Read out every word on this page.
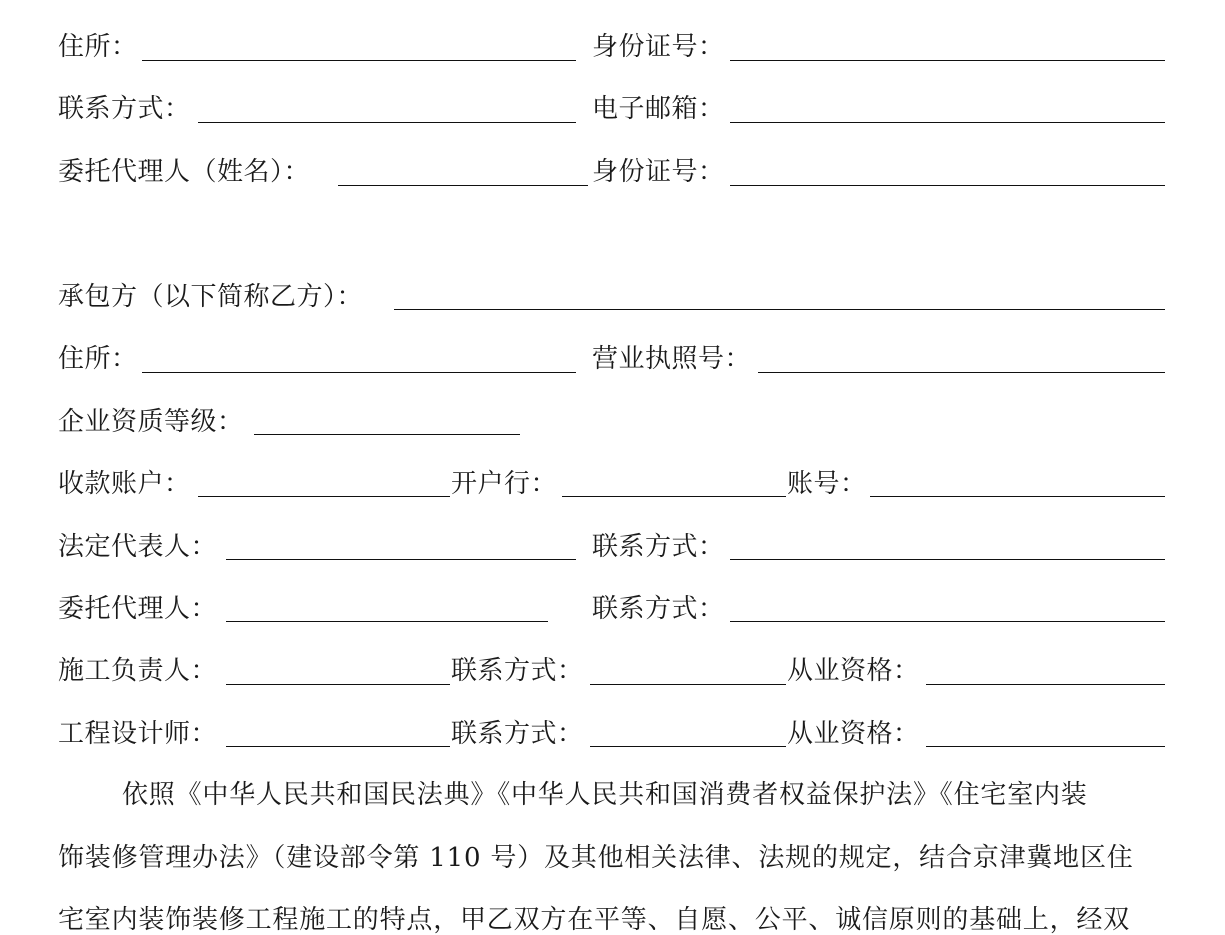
住所：	身份证号：
联系方式：	电子邮箱：
委托代理人（姓名）：	身份证号：
承包方（以下简称乙方）：
住所：	营业执照号：
企业资质等级：
收款账户：	开户行：	账号：
法定代表人：	联系方式：
委托代理人：	联系方式：
施工负责人：	联系方式：	从业资格：
工程设计师：	联系方式：	从业资格：
依照《中华人民共和国民法典》《中华人民共和国消费者权益保护法》《住宅室内装
饰装修管理办法》（建设部令第 110 号）及其他相关法律、法规的规定，结合京津冀地区住
宅室内装饰装修工程施工的特点，甲乙双方在平等、自愿、公平、诚信原则的基础上，经双
